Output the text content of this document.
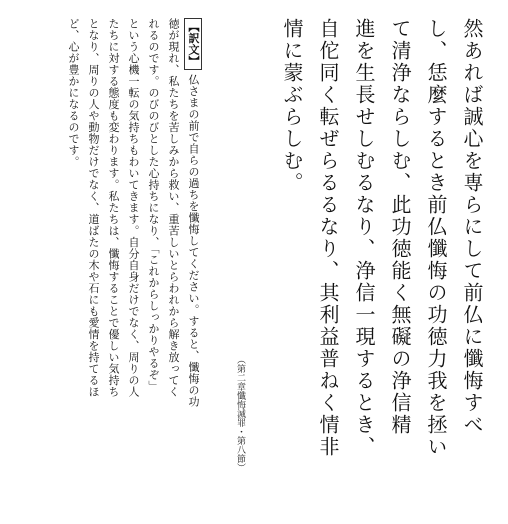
然あれば誠心を専らにして前仏に懺悔すべ
し、恁麼するとき前仏懺悔の功徳力我を拯い
て清浄ならしむ、此功徳能く無礙の浄信精
進を生長せしむるなり、浄信一現するとき、
自佗同く転ぜらるるなり、其利益普ねく情非
情に蒙ぶらしむ。
（第二章懺悔滅罪・第八節）
【訳文】仏さまの前で自らの過ちを懺悔してください。すると、懺悔の功
徳が現れ、私たちを苦しみから救い、重苦しいとらわれから解き放ってく
れるのです。のびのびとした心持ちになり、「これからしっかりやるぞ」
という心機一転の気持ちもわいてきます。自分自身だけでなく、周りの人
たちに対する態度も変わります。私たちは、懺悔することで優しい気持ち
となり、周りの人や動物だけでなく、道ばたの木や石にも愛情を持てるほ
ど、心が豊かになるのです。
